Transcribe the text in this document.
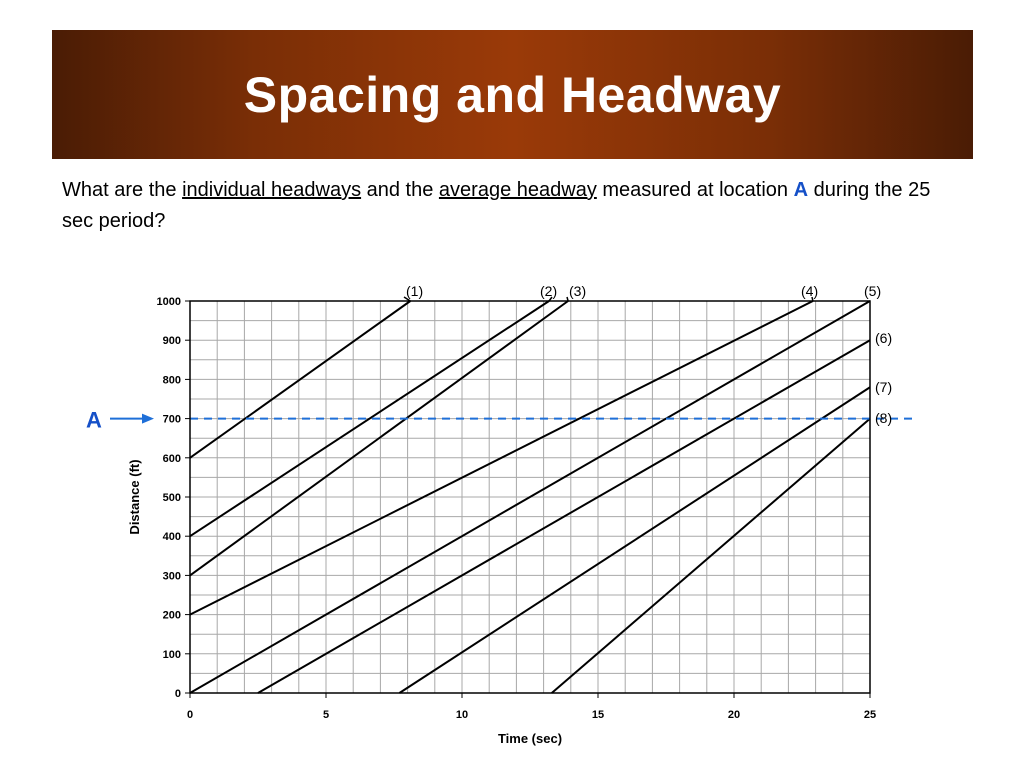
Spacing and Headway
What are the individual headways and the average headway measured at location A during the 25 sec period?
A
0	5	10	15	20	25
0
100
200
300
400
500
600
700
800
900
1000
Time (sec)
Distance (ft)
(1)	(2) (3)	(4)	(5)
(6)
(7)
(8)
